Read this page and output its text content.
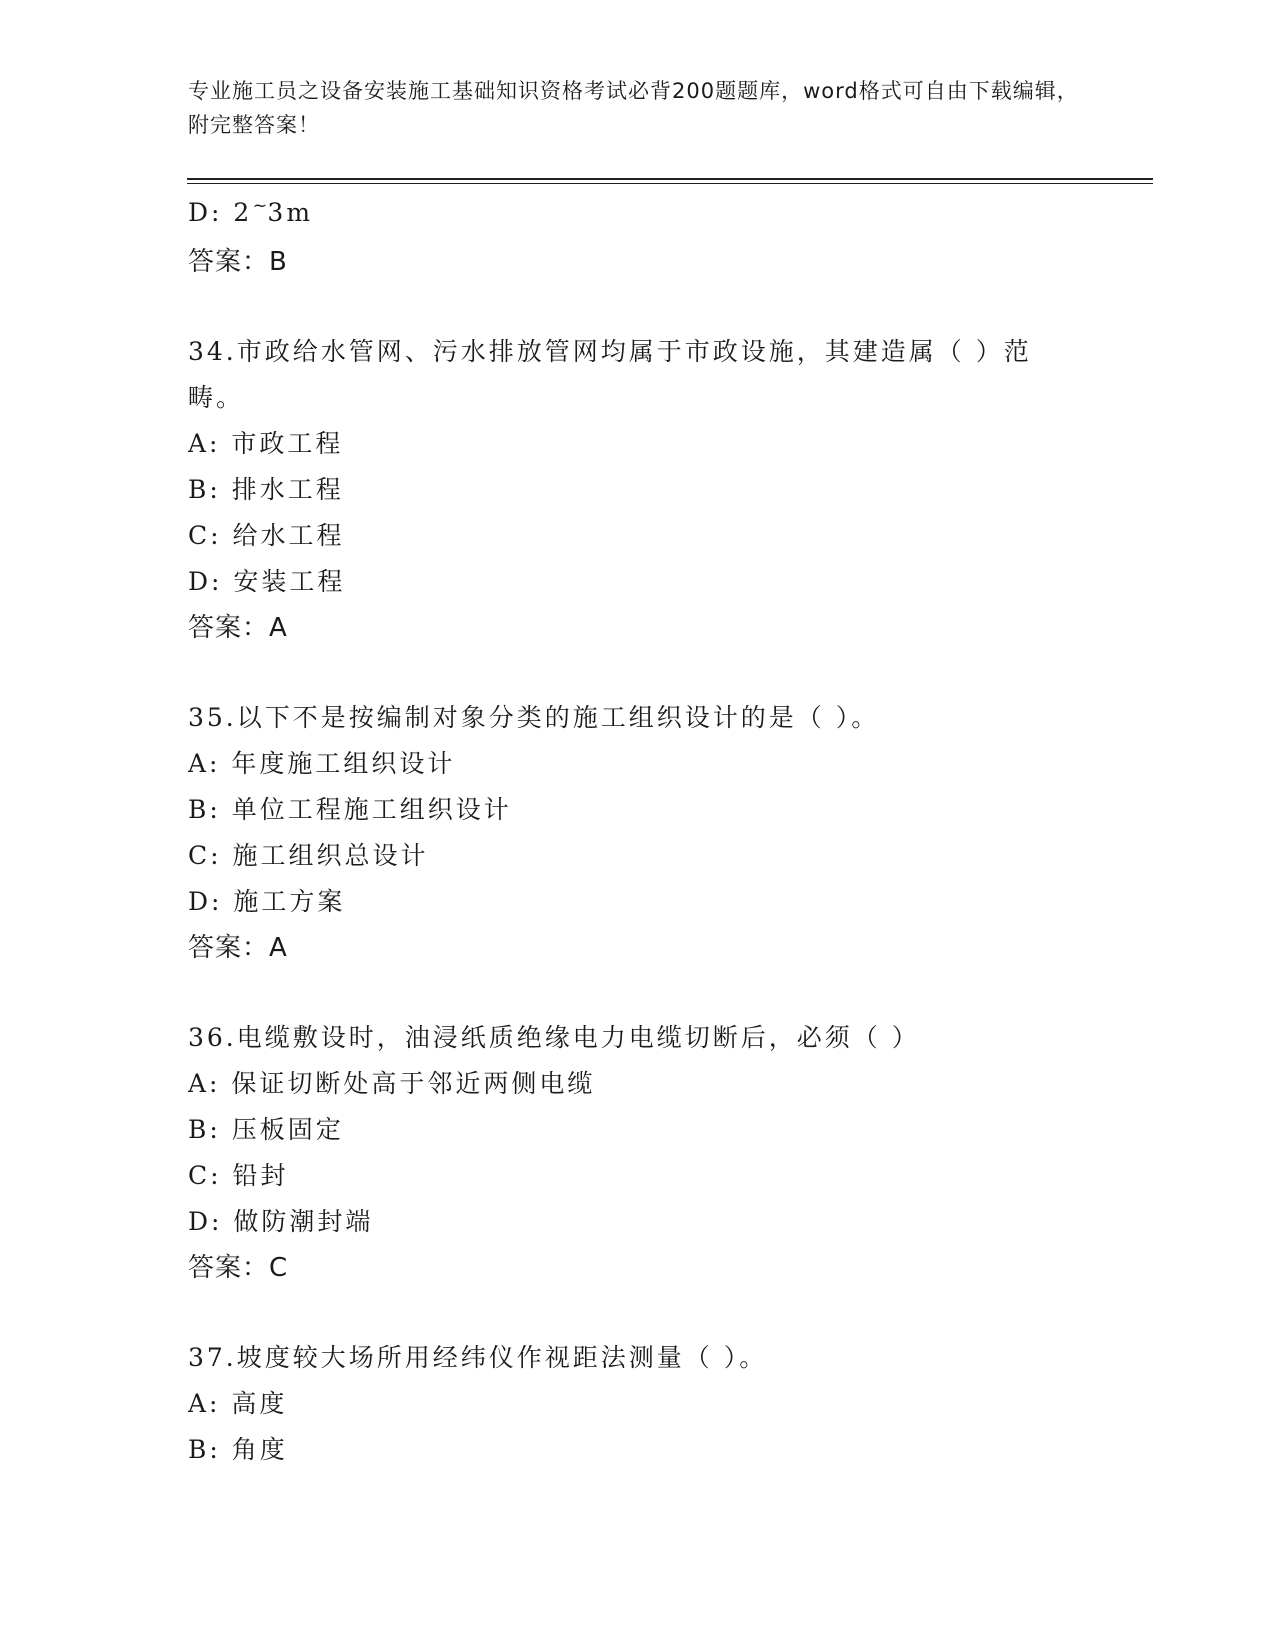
专业施工员之设备安装施工基础知识资格考试必背200题题库，word格式可自由下载编辑，附完整答案！
D: 2~3m
答案：B
34.市政给水管网、污水排放管网均属于市政设施，其建造属（ ）范畴。
A: 市政工程
B: 排水工程
C: 给水工程
D: 安装工程
答案：A
35.以下不是按编制对象分类的施工组织设计的是（ ）。
A: 年度施工组织设计
B: 单位工程施工组织设计
C: 施工组织总设计
D: 施工方案
答案：A
36.电缆敷设时，油浸纸质绝缘电力电缆切断后，必须（ ）
A: 保证切断处高于邻近两侧电缆
B: 压板固定
C: 铅封
D: 做防潮封端
答案：C
37.坡度较大场所用经纬仪作视距法测量（ ）。
A: 高度
B: 角度
